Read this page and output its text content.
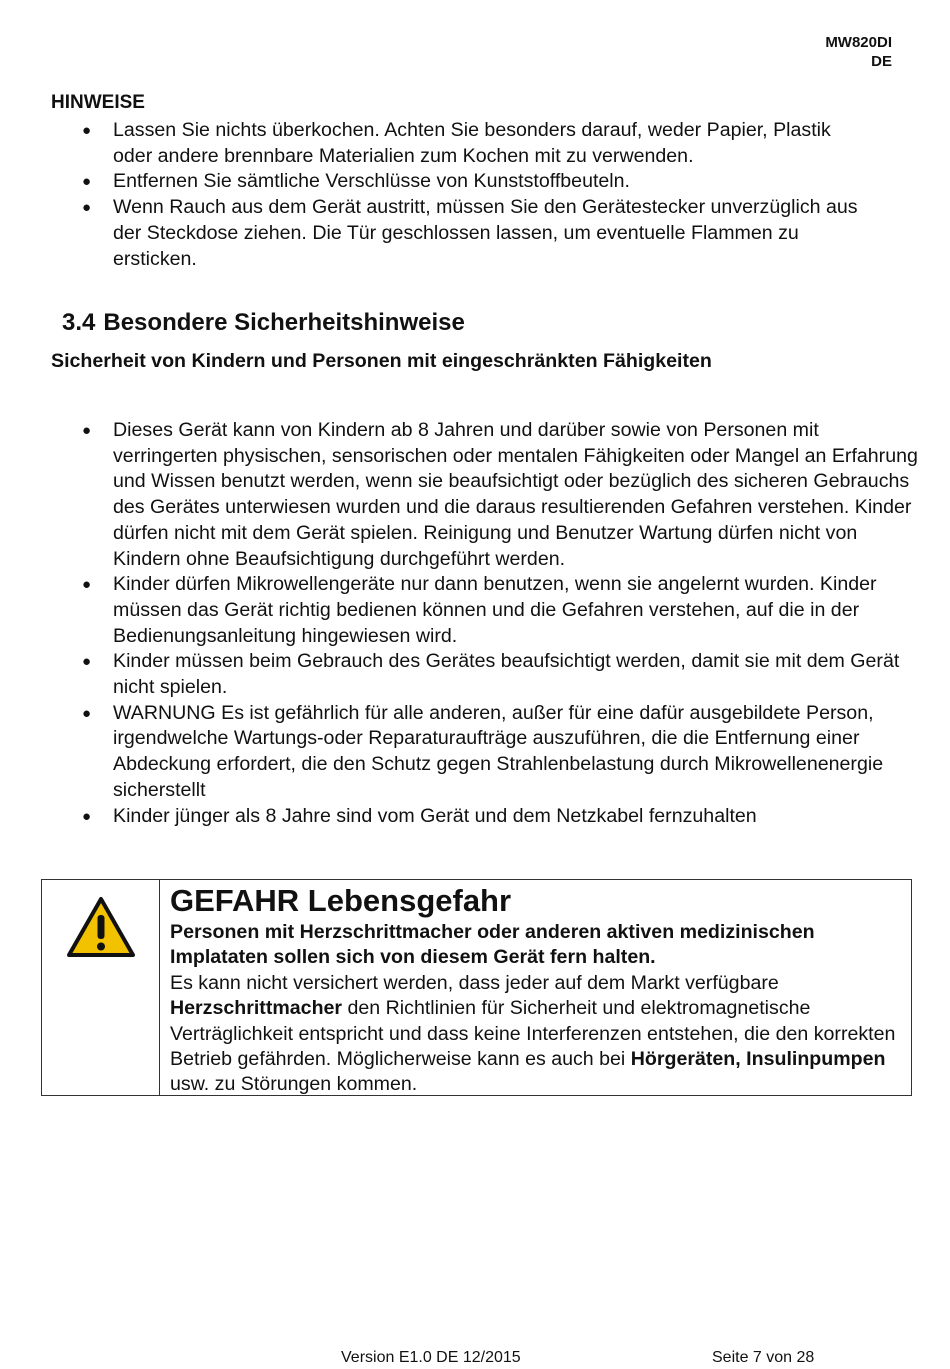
MW820DI
DE
HINWEISE
● Lassen Sie nichts überkochen. Achten Sie besonders darauf, weder Papier, Plastik oder andere brennbare Materialien zum Kochen mit zu verwenden.
● Entfernen Sie sämtliche Verschlüsse von Kunststoffbeuteln.
● Wenn Rauch aus dem Gerät austritt, müssen Sie den Gerätestecker unverzüglich aus der Steckdose ziehen. Die Tür geschlossen lassen, um eventuelle Flammen zu ersticken.
3.4 Besondere Sicherheitshinweise
Sicherheit von Kindern und Personen mit eingeschränkten Fähigkeiten
● Dieses Gerät kann von Kindern ab 8 Jahren und darüber sowie von Personen mit verringerten physischen, sensorischen oder mentalen Fähigkeiten oder Mangel an Erfahrung und Wissen benutzt werden, wenn sie beaufsichtigt oder bezüglich des sicheren Gebrauchs des Gerätes unterwiesen wurden und die daraus resultierenden Gefahren verstehen. Kinder dürfen nicht mit dem Gerät spielen. Reinigung und Benutzer Wartung dürfen nicht von Kindern ohne Beaufsichtigung durchgeführt werden.
● Kinder dürfen Mikrowellengeräte nur dann benutzen, wenn sie angelernt wurden. Kinder müssen das Gerät richtig bedienen können und die Gefahren verstehen, auf die in der Bedienungsanleitung hingewiesen wird.
● Kinder müssen beim Gebrauch des Gerätes beaufsichtigt werden, damit sie mit dem Gerät nicht spielen.
● WARNUNG Es ist gefährlich für alle anderen, außer für eine dafür ausgebildete Person, irgendwelche Wartungs-oder Reparaturaufträge auszuführen, die die Entfernung einer Abdeckung erfordert, die den Schutz gegen Strahlenbelastung durch Mikrowellenenergie sicherstellt
● Kinder jünger als 8 Jahre sind vom Gerät und dem Netzkabel fernzuhalten

GEFAHR Lebensgefahr

Personen mit Herzschrittmacher oder anderen aktiven medizinischen Implataten sollen sich von diesem Gerät fern halten.

Es kann nicht versichert werden, dass jeder auf dem Markt verfügbare Herzschrittmacher den Richtlinien für Sicherheit und elektromagnetische Verträglichkeit entspricht und dass keine Interferenzen entstehen, die den korrekten Betrieb gefährden. Möglicherweise kann es auch bei Hörgeräten, Insulinpumpen usw. zu Störungen kommen.

Version E1.0 DE 12/2015	Seite 7 von 28
